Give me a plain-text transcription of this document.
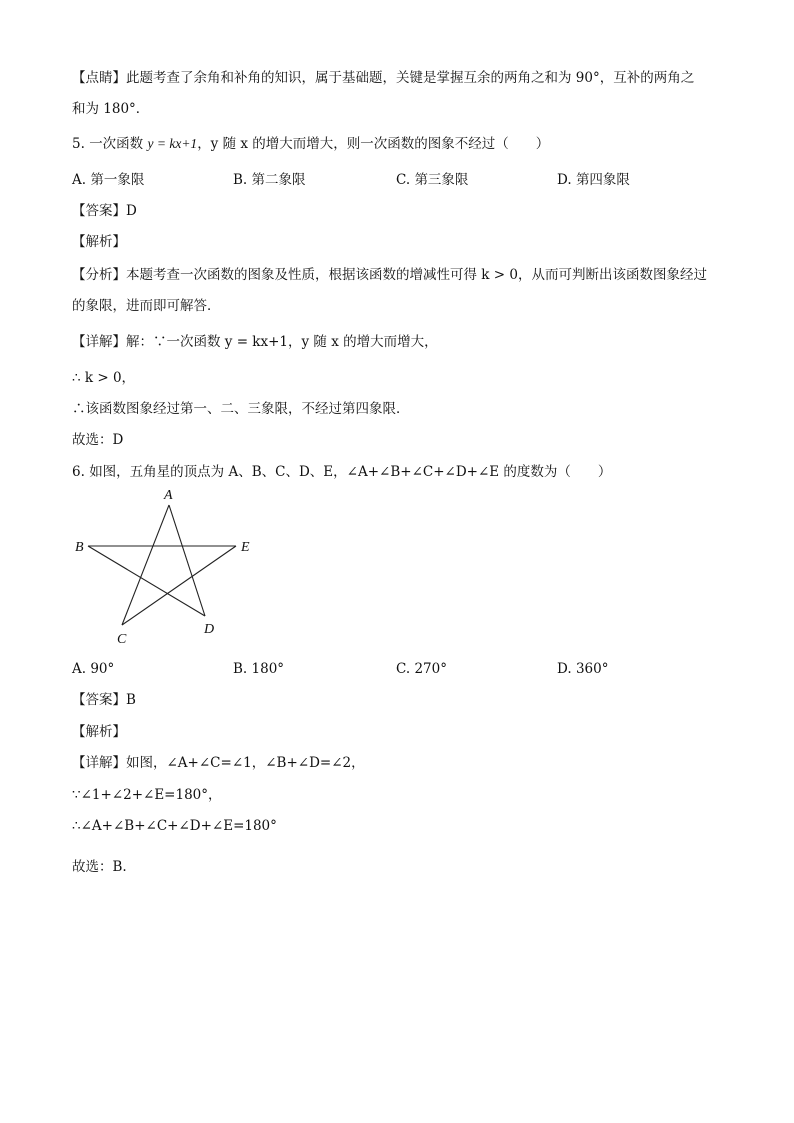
【点睛】此题考查了余角和补角的知识，属于基础题，关键是掌握互余的两角之和为 90°，互补的两角之
和为 180°．
5. 一次函数 y = kx+1，y 随 x 的增大而增大，则一次函数的图象不经过（　　）
A. 第一象限	B. 第二象限	C. 第三象限	D. 第四象限
【答案】D
【解析】
【分析】本题考查一次函数的图象及性质，根据该函数的增减性可得 k > 0，从而可判断出该函数图象经过
的象限，进而即可解答．
【详解】解：∵一次函数 y = kx+1，y 随 x 的增大而增大，
∴ k > 0，
∴该函数图象经过第一、二、三象限，不经过第四象限．
故选：D
6. 如图，五角星的顶点为 A、B、C、D、E，∠A+∠B+∠C+∠D+∠E 的度数为（　　）
A
B	E
C
D
A. 90°	B. 180°	C. 270°	D. 360°
【答案】B
【解析】
【详解】如图，∠A+∠C=∠1，∠B+∠D=∠2，
∵∠1+∠2+∠E=180°，
∴∠A+∠B+∠C+∠D+∠E=180°
故选：B.
